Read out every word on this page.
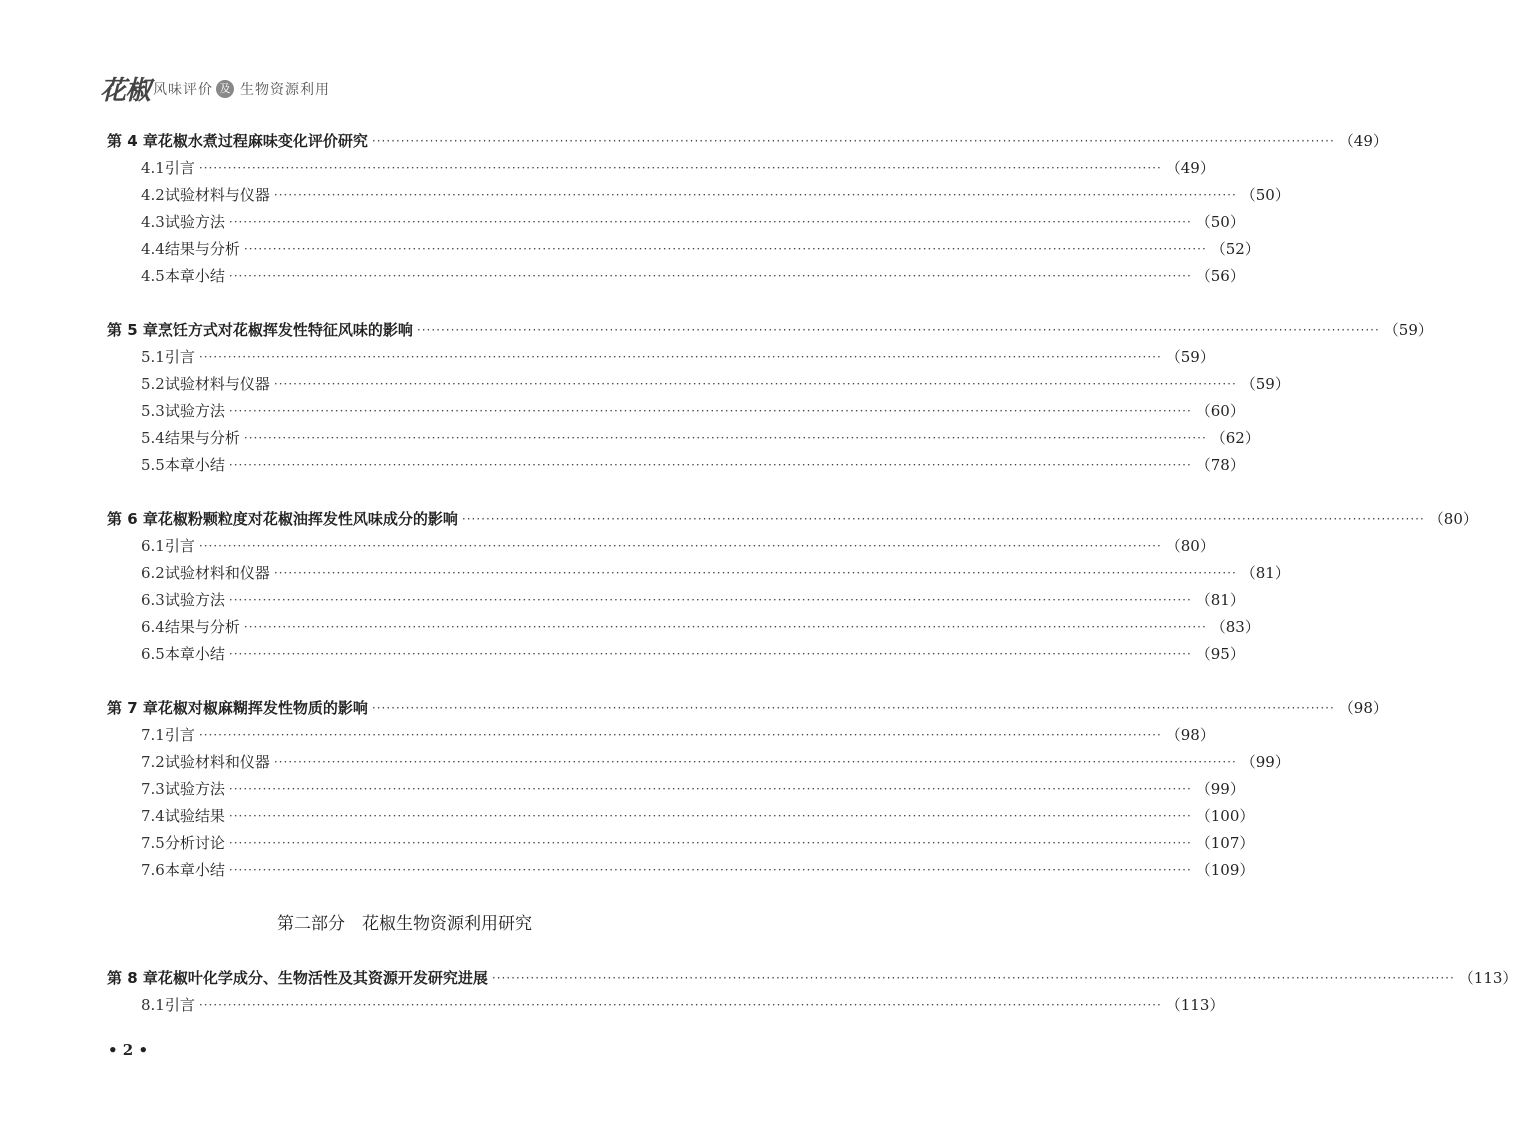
花椒 风味评价 及 生物资源利用
第 4 章 花椒水煮过程麻味变化评价研究 ········································································································································································································ （49）
4.1 引言 ········································································································································································································ （49）
4.2 试验材料与仪器 ········································································································································································································ （50）
4.3 试验方法 ········································································································································································································ （50）
4.4 结果与分析 ········································································································································································································ （52）
4.5 本章小结 ········································································································································································································ （56）
第 5 章 烹饪方式对花椒挥发性特征风味的影响 ········································································································································································································ （59）
5.1 引言 ········································································································································································································ （59）
5.2 试验材料与仪器 ········································································································································································································ （59）
5.3 试验方法 ········································································································································································································ （60）
5.4 结果与分析 ········································································································································································································ （62）
5.5 本章小结 ········································································································································································································ （78）
第 6 章 花椒粉颗粒度对花椒油挥发性风味成分的影响 ········································································································································································································ （80）
6.1 引言 ········································································································································································································ （80）
6.2 试验材料和仪器 ········································································································································································································ （81）
6.3 试验方法 ········································································································································································································ （81）
6.4 结果与分析 ········································································································································································································ （83）
6.5 本章小结 ········································································································································································································ （95）
第 7 章 花椒对椒麻糊挥发性物质的影响 ········································································································································································································ （98）
7.1 引言 ········································································································································································································ （98）
7.2 试验材料和仪器 ········································································································································································································ （99）
7.3 试验方法 ········································································································································································································ （99）
7.4 试验结果 ········································································································································································································ （100）
7.5 分析讨论 ········································································································································································································ （107）
7.6 本章小结 ········································································································································································································ （109）
第二部分　花椒生物资源利用研究
第 8 章 花椒叶化学成分、生物活性及其资源开发研究进展 ········································································································································································································ （113）
8.1 引言 ········································································································································································································ （113）
• 2 •
